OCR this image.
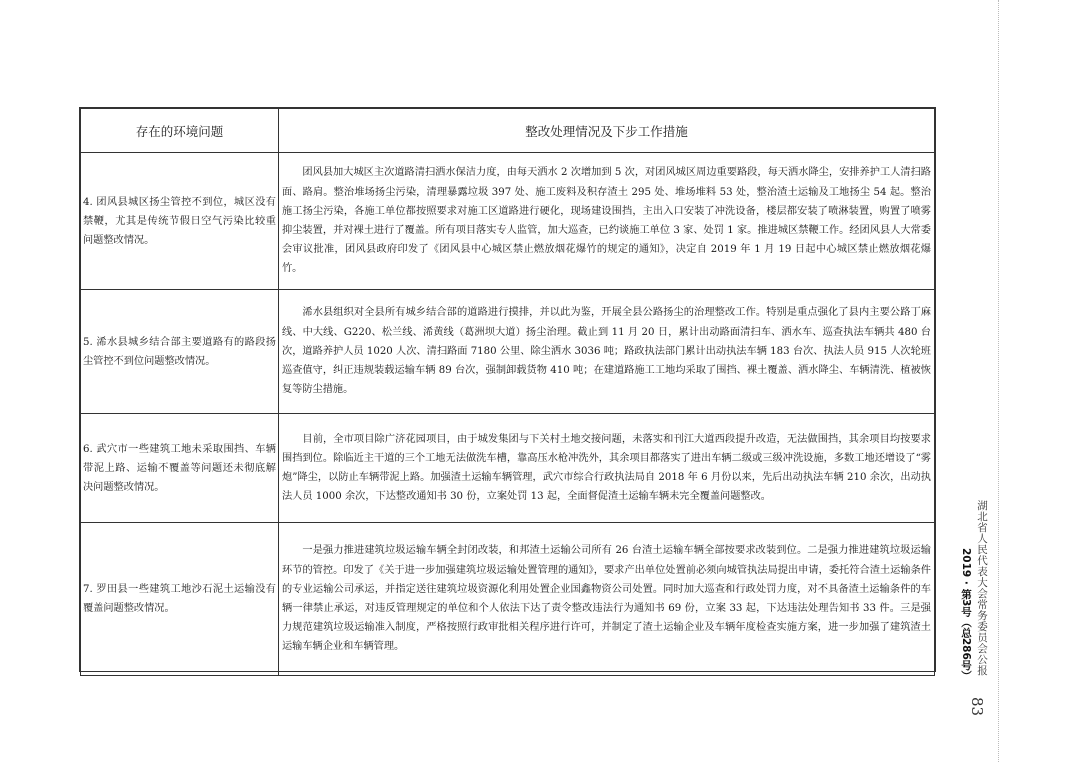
存在的环境问题	整改处理情况及下步工作措施
4. 团风县城区扬尘管控不到位，城区没有禁鞭，尤其是传统节假日空气污染比较重问题整改情况。	团风县加大城区主次道路清扫洒水保洁力度，由每天洒水 2 次增加到 5 次，对团风城区周边重要路段，每天洒水降尘，安排养护工人清扫路面、路肩。整治堆场扬尘污染，清理暴露垃圾 397 处、施工废料及积存渣土 295 处、堆场堆料 53 处，整治渣土运输及工地扬尘 54 起。整治施工扬尘污染，各施工单位都按照要求对施工区道路进行硬化，现场建设围挡，主出入口安装了冲洗设备，楼层都安装了喷淋装置，购置了喷雾抑尘装置，并对裸土进行了覆盖。所有项目落实专人监管，加大巡查，已约谈施工单位 3 家、处罚 1 家。推进城区禁鞭工作。经团风县人大常委会审议批准，团风县政府印发了《团风县中心城区禁止燃放烟花爆竹的规定的通知》，决定自 2019 年 1 月 19 日起中心城区禁止燃放烟花爆竹。

5. 浠水县城乡结合部主要道路有的路段扬尘管控不到位问题整改情况。	浠水县组织对全县所有城乡结合部的道路进行摸排，并以此为鉴，开展全县公路扬尘的治理整改工作。特别是重点强化了县内主要公路丁麻线、中大线、G220、松兰线、浠黄线（葛洲坝大道）扬尘治理。截止到 11 月 20 日，累计出动路面清扫车、洒水车、巡查执法车辆共 480 台次，道路养护人员 1020 人次、清扫路面 7180 公里、除尘洒水 3036 吨；路政执法部门累计出动执法车辆 183 台次、执法人员 915 人次轮班巡查值守，纠正违规装载运输车辆 89 台次，强制卸载货物 410 吨；在建道路施工工地均采取了围挡、裸土覆盖、洒水降尘、车辆清洗、植被恢复等防尘措施。

6. 武穴市一些建筑工地未采取围挡、车辆带泥上路、运输不覆盖等问题还未彻底解决问题整改情况。	目前，全市项目除广济花园项目，由于城发集团与下关村土地交接问题，未落实和刊江大道西段提升改造，无法做围挡，其余项目均按要求围挡到位。除临近主干道的三个工地无法做洗车槽，靠高压水枪冲洗外，其余项目都落实了进出车辆二级或三级冲洗设施，多数工地还增设了“雾炮”降尘，以防止车辆带泥上路。加强渣土运输车辆管理，武穴市综合行政执法局自 2018 年 6 月份以来，先后出动执法车辆 210 余次，出动执法人员 1000 余次，下达整改通知书 30 份，立案处罚 13 起，全面督促渣土运输车辆未完全覆盖问题整改。

7. 罗田县一些建筑工地沙石泥土运输没有覆盖问题整改情况。	一是强力推进建筑垃圾运输车辆全封闭改装，和邦渣土运输公司所有 26 台渣土运输车辆全部按要求改装到位。二是强力推进建筑垃圾运输环节的管控。印发了《关于进一步加强建筑垃圾运输处置管理的通知》，要求产出单位处置前必须向城管执法局提出申请，委托符合渣土运输条件的专业运输公司承运，并指定送往建筑垃圾资源化利用处置企业国鑫物资公司处置。同时加大巡查和行政处罚力度，对不具备渣土运输条件的车辆一律禁止承运，对违反管理规定的单位和个人依法下达了责令整改违法行为通知书 69 份，立案 33 起，下达违法处理告知书 33 件。三是强力规范建筑垃圾运输准入制度，严格按照行政审批相关程序进行许可，并制定了渣土运输企业及车辆年度检查实施方案，进一步加强了建筑渣土运输车辆企业和车辆管理。	湖北省人民代表大会常务委员会公报
2019 · 第3号（总286号）
83
